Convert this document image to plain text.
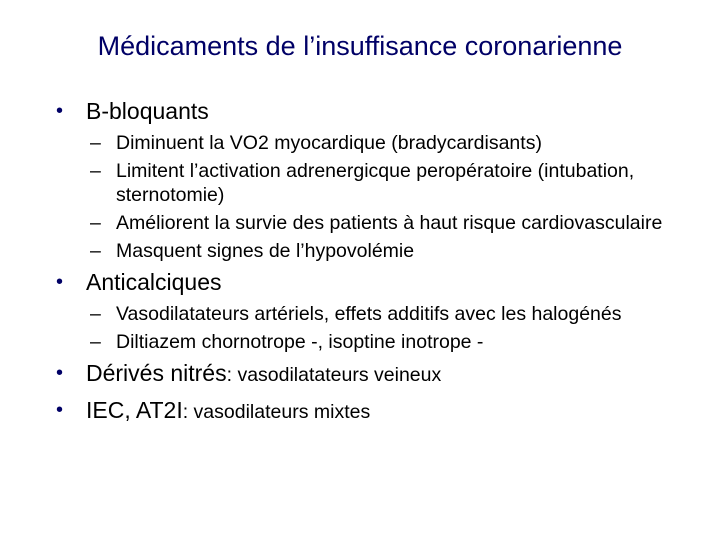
Médicaments de l’insuffisance coronarienne
• B-bloquants
– Diminuent la VO2 myocardique (bradycardisants)
– Limitent l’activation adrenergicque peropératoire (intubation, sternotomie)
– Améliorent la survie des patients à haut risque cardiovasculaire
– Masquent signes de l’hypovolémie
• Anticalciques
– Vasodilatateurs artériels, effets additifs avec les halogénés
– Diltiazem chornotrope -, isoptine inotrope -
• Dérivés nitrés: vasodilatateurs veineux
• IEC, AT2I: vasodilateurs mixtes
